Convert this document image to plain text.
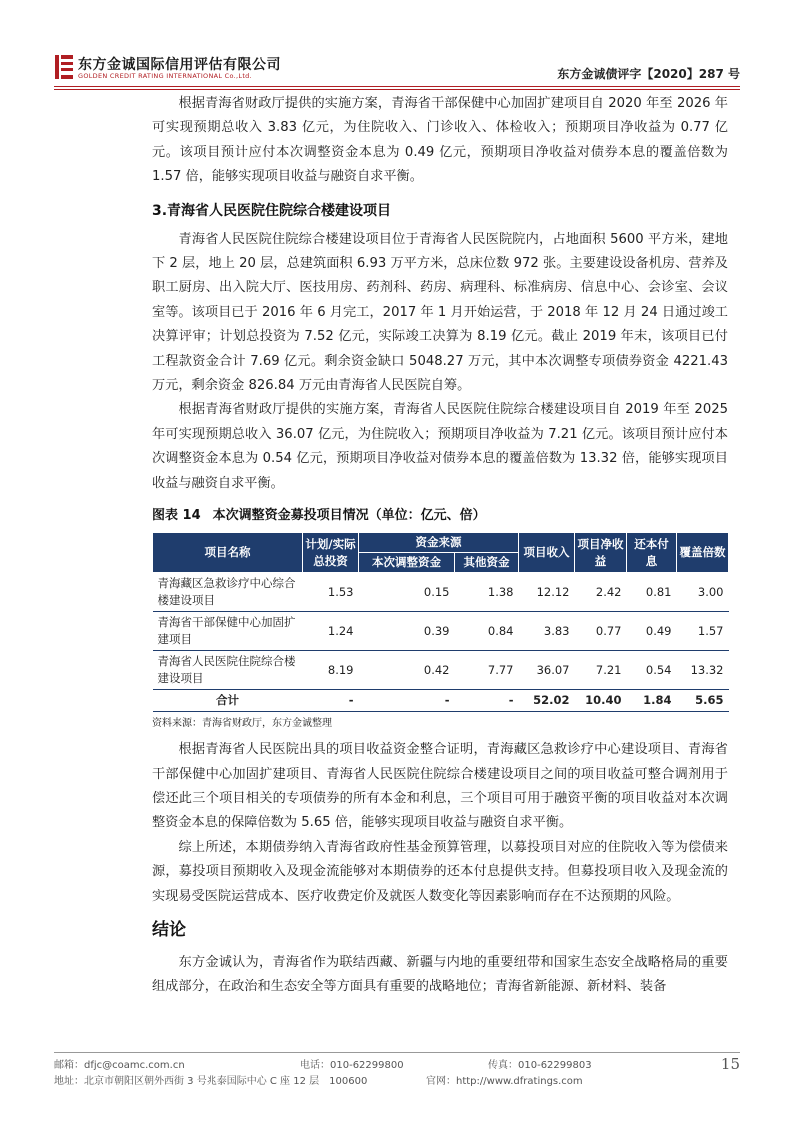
东方金诚国际信用评估有限公司
GOLDEN CREDIT RATING INTERNATIONAL Co.,Ltd.	东方金诚债评字【2020】287 号

根据青海省财政厅提供的实施方案，青海省干部保健中心加固扩建项目自 2020 年至 2026 年可实现预期总收入 3.83 亿元，为住院收入、门诊收入、体检收入；预期项目净收益为 0.77 亿元。该项目预计应付本次调整资金本息为 0.49 亿元，预期项目净收益对债券本息的覆盖倍数为 1.57 倍，能够实现项目收益与融资自求平衡。

3.青海省人民医院住院综合楼建设项目

青海省人民医院住院综合楼建设项目位于青海省人民医院院内，占地面积 5600 平方米，建地下 2 层，地上 20 层，总建筑面积 6.93 万平方米，总床位数 972 张。主要建设设备机房、营养及职工厨房、出入院大厅、医技用房、药剂科、药房、病理科、标准病房、信息中心、会诊室、会议室等。该项目已于 2016 年 6 月完工，2017 年 1 月开始运营，于 2018 年 12 月 24 日通过竣工决算评审；计划总投资为 7.52 亿元，实际竣工决算为 8.19 亿元。截止 2019 年末，该项目已付工程款资金合计 7.69 亿元。剩余资金缺口 5048.27 万元，其中本次调整专项债券资金 4221.43 万元，剩余资金 826.84 万元由青海省人民医院自筹。

根据青海省财政厅提供的实施方案，青海省人民医院住院综合楼建设项目自 2019 年至 2025 年可实现预期总收入 36.07 亿元，为住院收入；预期项目净收益为 7.21 亿元。该项目预计应付本次调整资金本息为 0.54 亿元，预期项目净收益对债券本息的覆盖倍数为 13.32 倍，能够实现项目收益与融资自求平衡。

图表 14 本次调整资金募投项目情况（单位：亿元、倍）
项目名称	计划/实际总投资	资金来源		项目收入	项目净收益	还本付息	覆盖倍数
		本次调整资金	其他资金				
青海藏区急救诊疗中心综合楼建设项目	1.53	0.15	1.38	12.12	2.42	0.81	3.00
青海省干部保健中心加固扩建项目	1.24	0.39	0.84	3.83	0.77	0.49	1.57
青海省人民医院住院综合楼建设项目	8.19	0.42	7.77	36.07	7.21	0.54	13.32
合计	-	-	-	52.02	10.40	1.84	5.65
资料来源：青海省财政厅，东方金诚整理

根据青海省人民医院出具的项目收益资金整合证明，青海藏区急救诊疗中心建设项目、青海省干部保健中心加固扩建项目、青海省人民医院住院综合楼建设项目之间的项目收益可整合调剂用于偿还此三个项目相关的专项债券的所有本金和利息，三个项目可用于融资平衡的项目收益对本次调整资金本息的保障倍数为 5.65 倍，能够实现项目收益与融资自求平衡。

综上所述，本期债券纳入青海省政府性基金预算管理，以募投项目对应的住院收入等为偿债来源，募投项目预期收入及现金流能够对本期债券的还本付息提供支持。但募投项目收入及现金流的实现易受医院运营成本、医疗收费定价及就医人数变化等因素影响而存在不达预期的风险。

结论

东方金诚认为，青海省作为联结西藏、新疆与内地的重要纽带和国家生态安全战略格局的重要组成部分，在政治和生态安全等方面具有重要的战略地位；青海省新能源、新材料、装备

邮箱：dfjc@coamc.com.cn	电话：010-62299800	传真：010-62299803	15
地址：北京市朝阳区朝外西街 3 号兆泰国际中心 C 座 12 层　100600	官网：http://www.dfratings.com
